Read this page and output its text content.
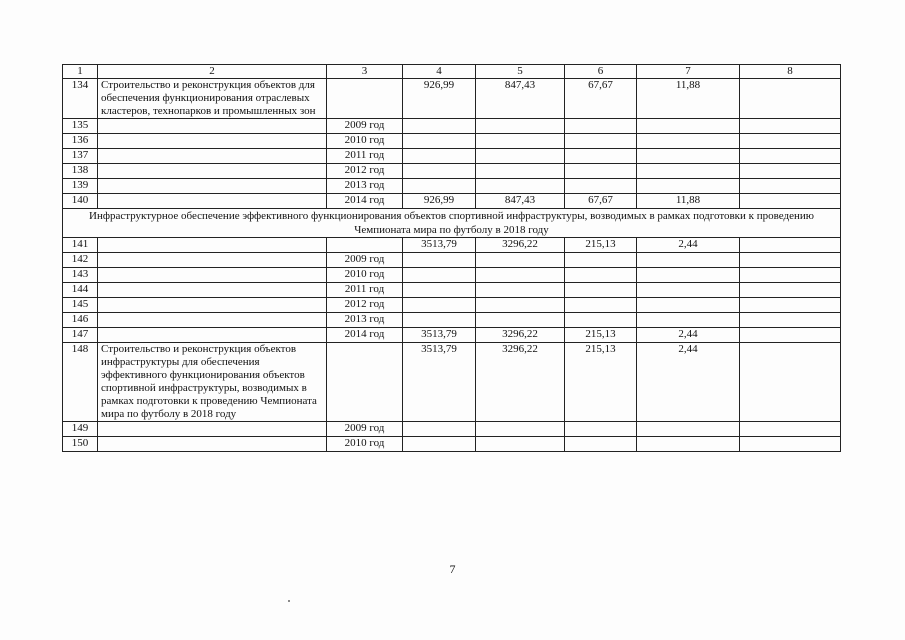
1	2	3	4	5	6	7	8
134	Строительство и реконструкция объектов для обеспечения функционирования отраслевых кластеров, технопарков и промышленных зон		926,99	847,43	67,67	11,88	
135		2009 год					
136		2010 год					
137		2011 год					
138		2012 год					
139		2013 год					
140		2014 год	926,99	847,43	67,67	11,88	
Инфраструктурное обеспечение эффективного функционирования объектов спортивной инфраструктуры, возводимых в рамках подготовки к проведению Чемпионата мира по футболу в 2018 году							
141			3513,79	3296,22	215,13	2,44	
142		2009 год					
143		2010 год					
144		2011 год					
145		2012 год					
146		2013 год					
147		2014 год	3513,79	3296,22	215,13	2,44	
148	Строительство и реконструкция объектов инфраструктуры для обеспечения эффективного функционирования объектов спортивной инфраструктуры, возводимых в рамках подготовки к проведению Чемпионата мира по футболу в 2018 году		3513,79	3296,22	215,13	2,44	
149		2009 год					
150		2010 год					
7
